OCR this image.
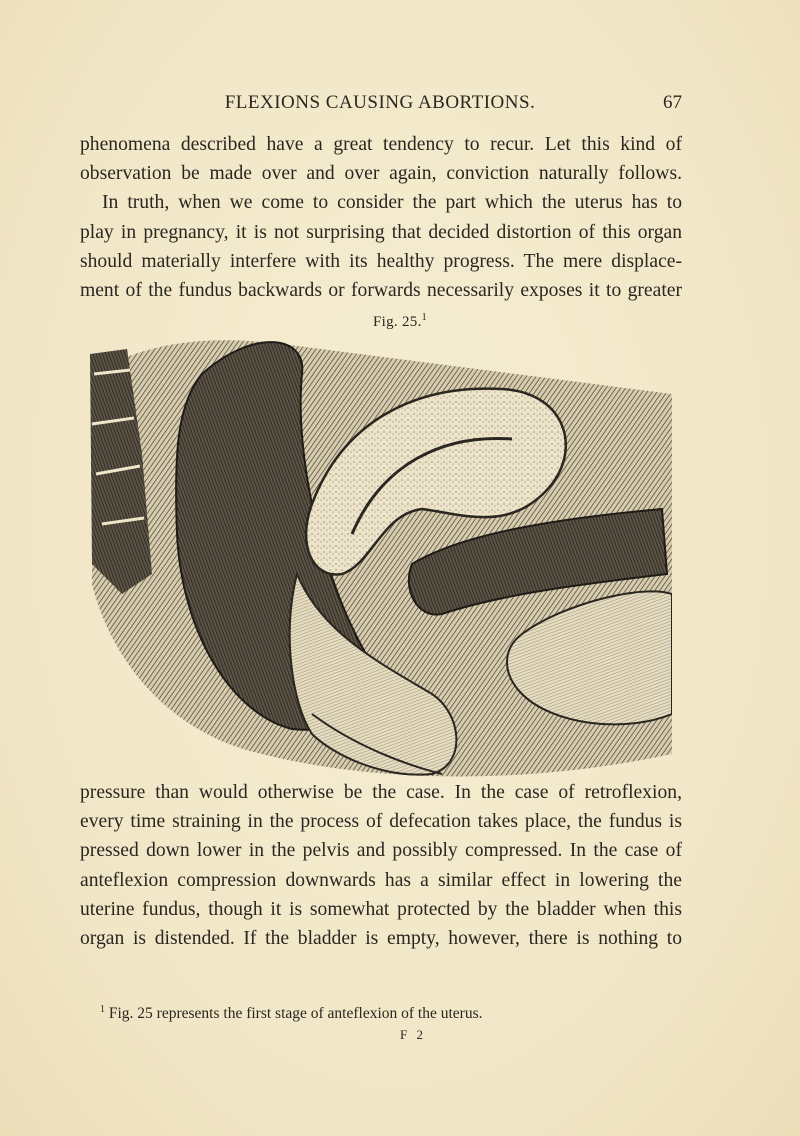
FLEXIONS CAUSING ABORTIONS.	67
phenomena described have a great tendency to recur. Let this kind of
observation be made over and over again, conviction naturally follows.
In truth, when we come to consider the part which the uterus has to
play in pregnancy, it is not surprising that decided distortion of this organ
should materially interfere with its healthy progress. The mere displace-
ment of the fundus backwards or forwards necessarily exposes it to greater
Fig. 25.$^1$
pressure than would otherwise be the case. In the case of retroflexion,
every time straining in the process of defecation takes place, the fundus is
pressed down lower in the pelvis and possibly compressed. In the case of
anteflexion compression downwards has a similar effect in lowering the
uterine fundus, though it is somewhat protected by the bladder when this
organ is distended. If the bladder is empty, however, there is nothing to
$^1$ Fig. 25 represents the first stage of anteflexion of the uterus.
F 2
